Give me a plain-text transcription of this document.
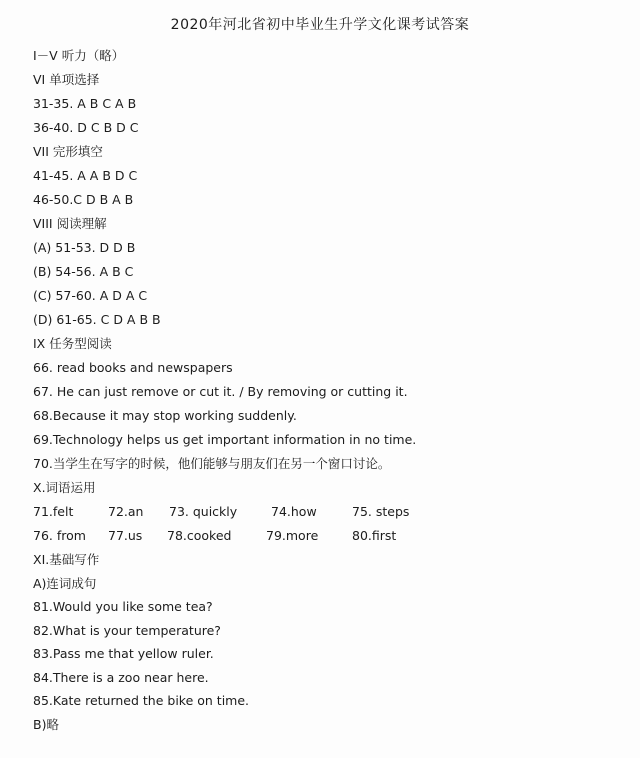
2020年河北省初中毕业生升学文化课考试答案
I－V 听力（略）
VI 单项选择
31-35. A B C A B
36-40. D C B D C
VII 完形填空
41-45. A A B D C
46-50.C D B A B
VIII 阅读理解
(A) 51-53. D D B
(B) 54-56. A B C
(C) 57-60. A D A C
(D) 61-65. C D A B B
IX 任务型阅读
66. read books and newspapers
67. He can just remove or cut it. / By removing or cutting it.
68.Because it may stop working suddenly.
69.Technology helps us get important information in no time.
70.当学生在写字的时候，他们能够与朋友们在另一个窗口讨论。
X.词语运用
71.felt	72.an 73. quickly	74.how	75. steps
76. from 77.us 78.cooked	79.more	80.first
XI.基础写作
A)连词成句
81.Would you like some tea?
82.What is your temperature?
83.Pass me that yellow ruler.
84.There is a zoo near here.
85.Kate returned the bike on time.
B)略
